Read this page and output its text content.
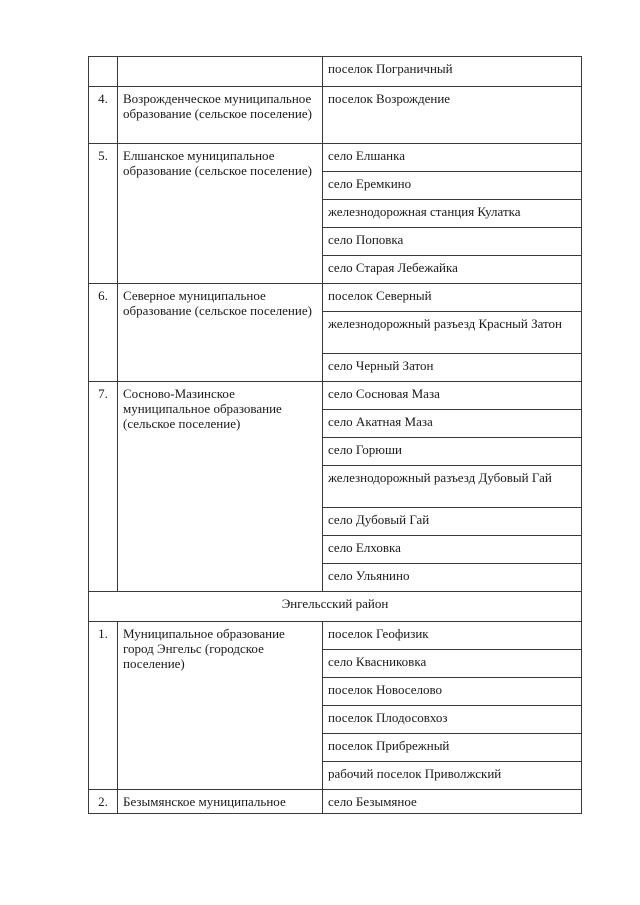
		поселок Пограничный
4.	Возрожденческое муниципальное образование (сельское поселение)	поселок Возрождение
5.	Елшанское муниципальное образование (сельское поселение)	село Елшанка
		село Еремкино
		железнодорожная станция Кулатка
		село Поповка
		село Старая Лебежайка
6.	Северное муниципальное образование (сельское поселение)	поселок Северный
		железнодорожный разъезд Красный Затон
		село Черный Затон
7.	Сосново-Мазинское муниципальное образование (сельское поселение)	село Сосновая Маза
		село Акатная Маза
		село Горюши
		железнодорожный разъезд Дубовый Гай
		село Дубовый Гай
		село Елховка
		село Ульянино
Энгельсский район		
1.	Муниципальное образование город Энгельс (городское поселение)	поселок Геофизик
		село Квасниковка
		поселок Новоселово
		поселок Плодосовхоз
		поселок Прибрежный
		рабочий поселок Приволжский
2.	Безымянское муниципальное	село Безымяное
